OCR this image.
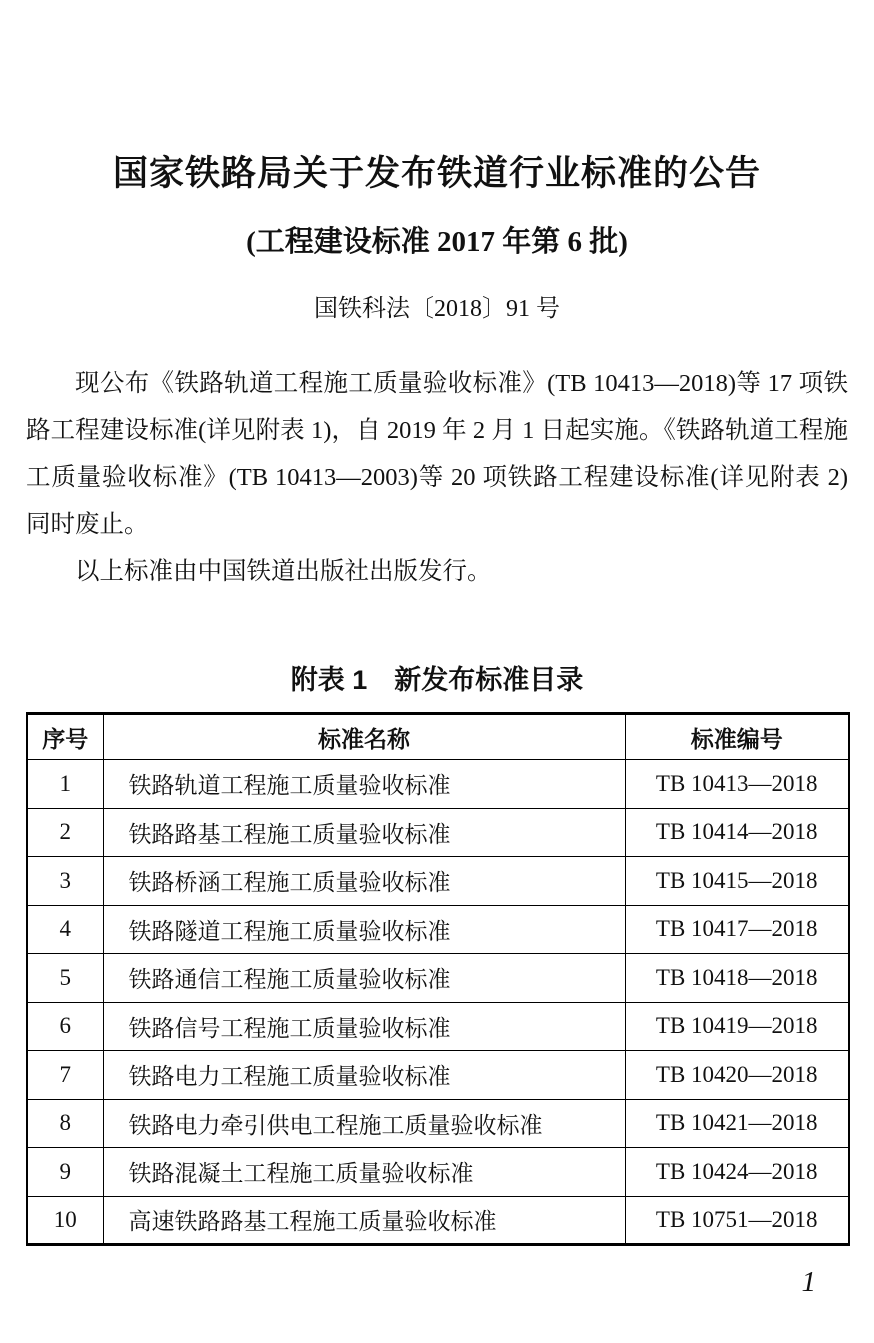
国家铁路局关于发布铁道行业标准的公告
(工程建设标准 2017 年第 6 批)
国铁科法〔2018〕91 号

现公布《铁路轨道工程施工质量验收标准》(TB 10413—2018)等 17 项铁路工程建设标准(详见附表 1)，自 2019 年 2 月 1 日起实施。《铁路轨道工程施工质量验收标准》(TB 10413—2003)等 20 项铁路工程建设标准(详见附表 2)同时废止。

以上标准由中国铁道出版社出版发行。

附表 1　新发布标准目录
序号	标准名称	标准编号
1	铁路轨道工程施工质量验收标准	TB 10413—2018
2	铁路路基工程施工质量验收标准	TB 10414—2018
3	铁路桥涵工程施工质量验收标准	TB 10415—2018
4	铁路隧道工程施工质量验收标准	TB 10417—2018
5	铁路通信工程施工质量验收标准	TB 10418—2018
6	铁路信号工程施工质量验收标准	TB 10419—2018
7	铁路电力工程施工质量验收标准	TB 10420—2018
8	铁路电力牵引供电工程施工质量验收标准	TB 10421—2018
9	铁路混凝土工程施工质量验收标准	TB 10424—2018
10	高速铁路路基工程施工质量验收标准	TB 10751—2018
1
